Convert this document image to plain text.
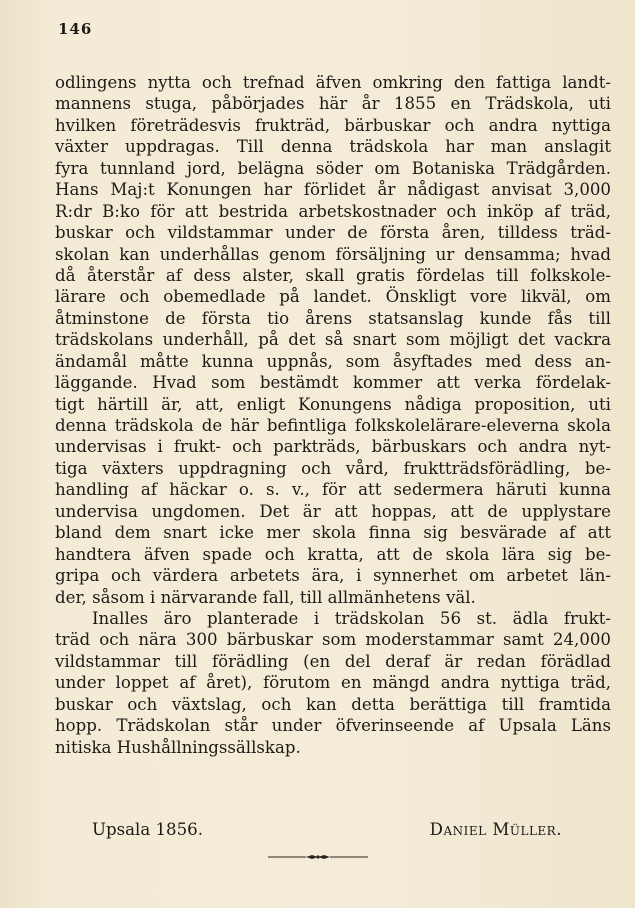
146

odlingens nytta och trefnad äfven omkring den fattiga landt-
mannens stuga, påbörjades här år 1855 en Trädskola, uti
hvilken företrädesvis frukträd, bärbuskar och andra nyttiga
växter uppdragas. Till denna trädskola har man anslagit
fyra tunnland jord, belägna söder om Botaniska Trädgården.
Hans Maj:t Konungen har förlidet år nådigast anvisat 3,000
R:dr B:ko för att bestrida arbetskostnader och inköp af träd,
buskar och vildstammar under de första åren, tilldess träd-
skolan kan underhållas genom försäljning ur densamma; hvad
då återstår af dess alster, skall gratis fördelas till folkskole-
lärare och obemedlade på landet. Önskligt vore likväl, om
åtminstone de första tio årens statsanslag kunde fås till
trädskolans underhåll, på det så snart som möjligt det vackra
ändamål måtte kunna uppnås, som åsyftades med dess an-
läggande. Hvad som bestämdt kommer att verka fördelak-
tigt härtill är, att, enligt Konungens nådiga proposition, uti
denna trädskola de här befintliga folkskolelärare-eleverna skola
undervisas i frukt- och parkträds, bärbuskars och andra nyt-
tiga växters uppdragning och vård, fruktträdsförädling, be-
handling af häckar o. s. v., för att sedermera häruti kunna
undervisa ungdomen. Det är att hoppas, att de upplystare
bland dem snart icke mer skola finna sig besvärade af att
handtera äfven spade och kratta, att de skola lära sig be-
gripa och värdera arbetets ära, i synnerhet om arbetet län-
der, såsom i närvarande fall, till allmänhetens väl.
Inalles äro planterade i trädskolan 56 st. ädla frukt-
träd och nära 300 bärbuskar som moderstammar samt 24,000
vildstammar till förädling (en del deraf är redan förädlad
under loppet af året), förutom en mängd andra nyttiga träd,
buskar och växtslag, och kan detta berättiga till framtida
hopp. Trädskolan står under öfverinseende af Upsala Läns
nitiska Hushållningssällskap.
Upsala 1856.	Daniel Müller.
